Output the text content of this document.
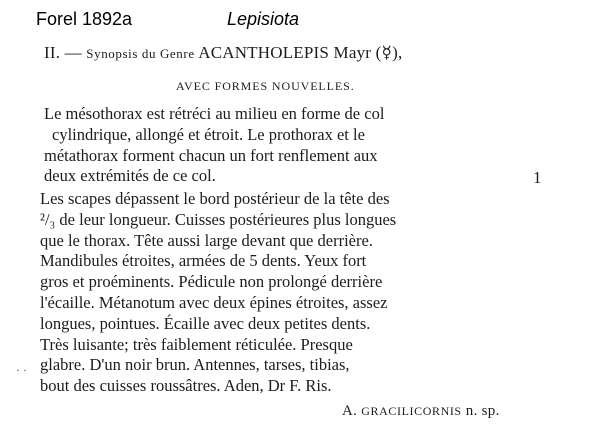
Forel 1892a	Lepisiota
II. — Synopsis du Genre ACANTHOLEPIS Mayr (☿),
AVEC FORMES NOUVELLES.
Le mésothorax est rétréci au milieu en forme de col
cylindrique, allongé et étroit. Le prothorax et le
métathorax forment chacun un fort renflement aux
deux extrémités de ce col.	1
Les scapes dépassent le bord postérieur de la tête des
²/₃ de leur longueur. Cuisses postérieures plus longues
que le thorax. Tête aussi large devant que derrière.
Mandibules étroites, armées de 5 dents. Yeux fort
gros et proéminents. Pédicule non prolongé derrière
l'écaille. Métanotum avec deux épines étroites, assez
longues, pointues. Écaille avec deux petites dents.
Très luisante; très faiblement réticulée. Presque
glabre. D'un noir brun. Antennes, tarses, tibias,
bout des cuisses roussâtres. Aden, Dr F. Ris.
· ·
A. GRACILICORNIS n. sp.
